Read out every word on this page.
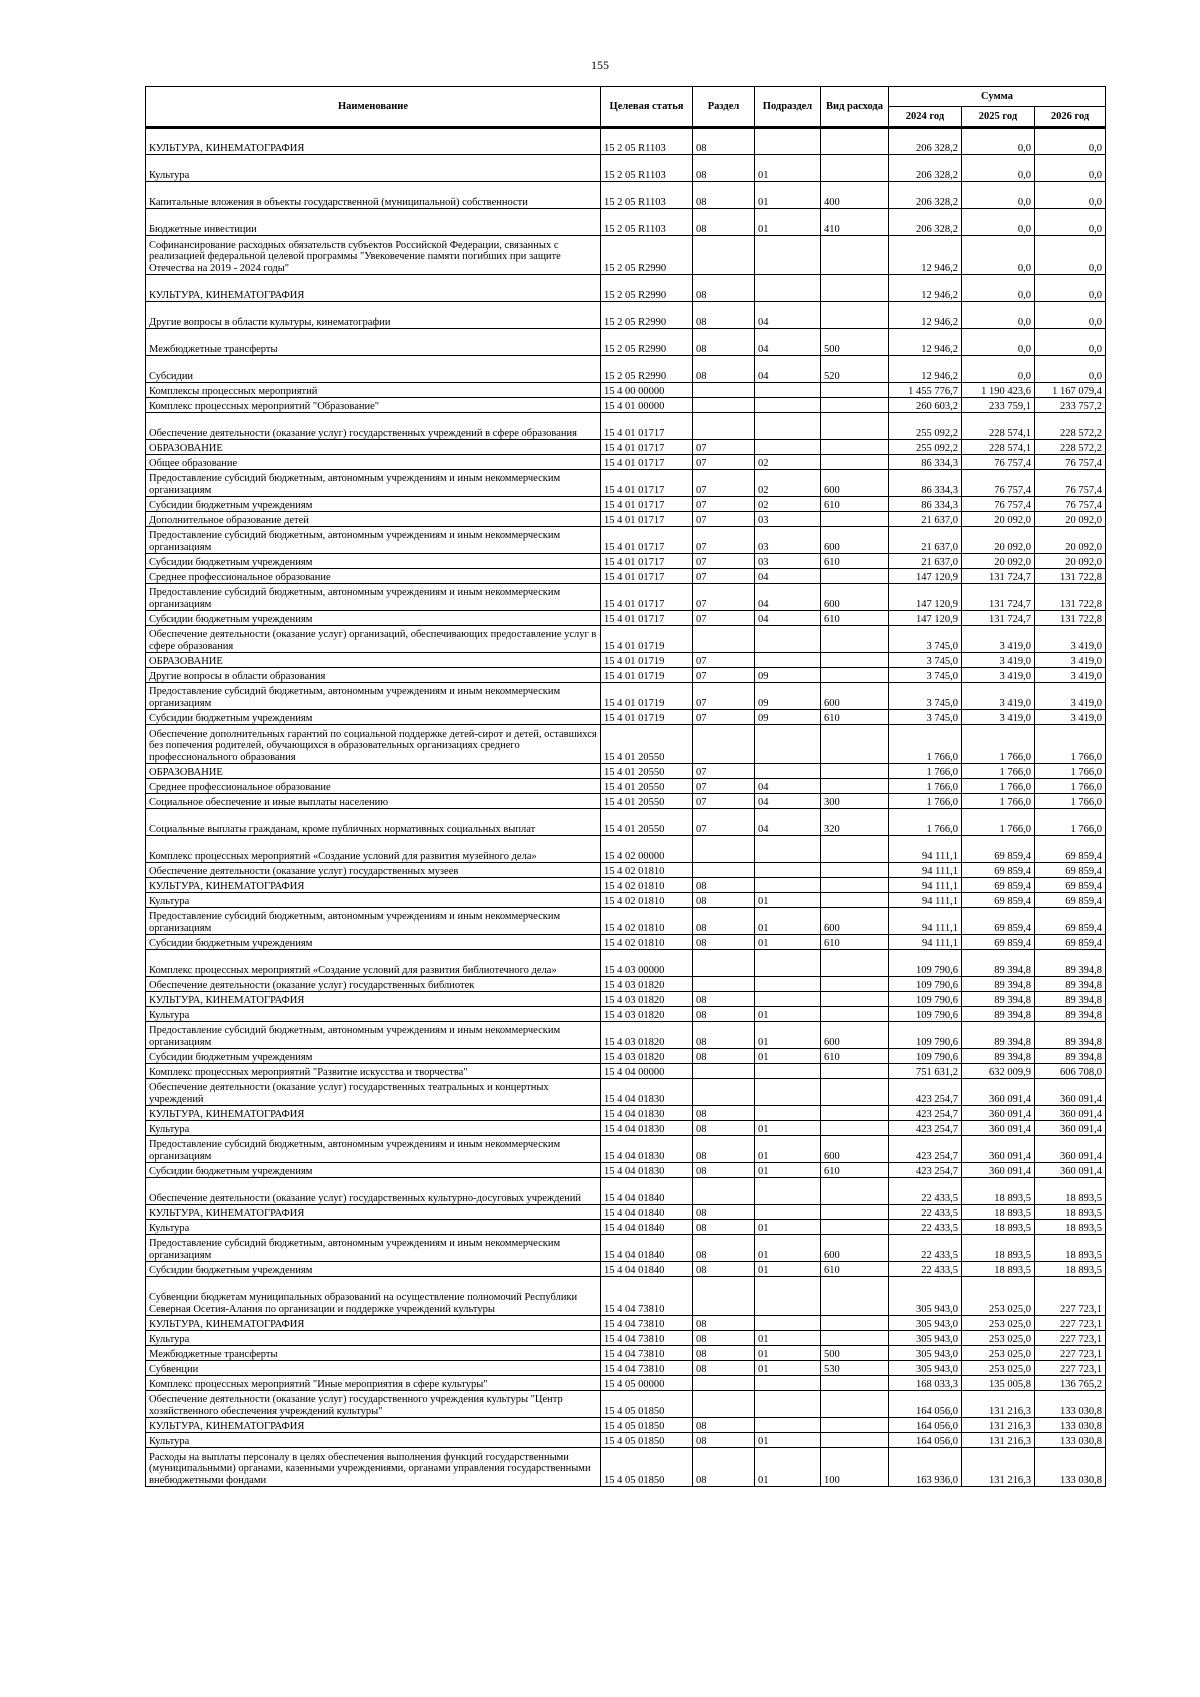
155
Наименование	Целевая статья	Раздел	Подраздел	Вид расхода	Сумма		
					2024 год	2025 год	2026 год
КУЛЬТУРА, КИНЕМАТОГРАФИЯ	15 2 05 R1103	08			206 328,2	0,0	0,0
Культура	15 2 05 R1103	08	01		206 328,2	0,0	0,0
Капитальные вложения в объекты государственной (муниципальной) собственности	15 2 05 R1103	08	01	400	206 328,2	0,0	0,0
Бюджетные инвестиции	15 2 05 R1103	08	01	410	206 328,2	0,0	0,0
Софинансирование расходных обязательств субъектов Российской Федерации, связанных с реализацией федеральной целевой программы "Увековечение памяти погибших при защите Отечества на 2019 - 2024 годы"	15 2 05 R2990				12 946,2	0,0	0,0
КУЛЬТУРА, КИНЕМАТОГРАФИЯ	15 2 05 R2990	08			12 946,2	0,0	0,0
Другие вопросы в области культуры, кинематографии	15 2 05 R2990	08	04		12 946,2	0,0	0,0
Межбюджетные трансферты	15 2 05 R2990	08	04	500	12 946,2	0,0	0,0
Субсидии	15 2 05 R2990	08	04	520	12 946,2	0,0	0,0
Комплексы процессных мероприятий	15 4 00 00000				1 455 776,7	1 190 423,6	1 167 079,4
Комплекс процессных мероприятий "Образование"	15 4 01 00000				260 603,2	233 759,1	233 757,2
Обеспечение деятельности (оказание услуг) государственных учреждений в сфере образования	15 4 01 01717				255 092,2	228 574,1	228 572,2
ОБРАЗОВАНИЕ	15 4 01 01717	07			255 092,2	228 574,1	228 572,2
Общее образование	15 4 01 01717	07	02		86 334,3	76 757,4	76 757,4
Предоставление субсидий бюджетным, автономным учреждениям и иным некоммерческим организациям	15 4 01 01717	07	02	600	86 334,3	76 757,4	76 757,4
Субсидии бюджетным учреждениям	15 4 01 01717	07	02	610	86 334,3	76 757,4	76 757,4
Дополнительное образование детей	15 4 01 01717	07	03		21 637,0	20 092,0	20 092,0
Предоставление субсидий бюджетным, автономным учреждениям и иным некоммерческим организациям	15 4 01 01717	07	03	600	21 637,0	20 092,0	20 092,0
Субсидии бюджетным учреждениям	15 4 01 01717	07	03	610	21 637,0	20 092,0	20 092,0
Среднее профессиональное образование	15 4 01 01717	07	04		147 120,9	131 724,7	131 722,8
Предоставление субсидий бюджетным, автономным учреждениям и иным некоммерческим организациям	15 4 01 01717	07	04	600	147 120,9	131 724,7	131 722,8
Субсидии бюджетным учреждениям	15 4 01 01717	07	04	610	147 120,9	131 724,7	131 722,8
Обеспечение деятельности (оказание услуг) организаций, обеспечивающих предоставление услуг в сфере образования	15 4 01 01719				3 745,0	3 419,0	3 419,0
ОБРАЗОВАНИЕ	15 4 01 01719	07			3 745,0	3 419,0	3 419,0
Другие вопросы в области образования	15 4 01 01719	07	09		3 745,0	3 419,0	3 419,0
Предоставление субсидий бюджетным, автономным учреждениям и иным некоммерческим организациям	15 4 01 01719	07	09	600	3 745,0	3 419,0	3 419,0
Субсидии бюджетным учреждениям	15 4 01 01719	07	09	610	3 745,0	3 419,0	3 419,0
Обеспечение дополнительных гарантий по социальной поддержке детей-сирот и детей, оставшихся без попечения родителей, обучающихся в образовательных организациях среднего профессионального образования	15 4 01 20550				1 766,0	1 766,0	1 766,0
ОБРАЗОВАНИЕ	15 4 01 20550	07			1 766,0	1 766,0	1 766,0
Среднее профессиональное образование	15 4 01 20550	07	04		1 766,0	1 766,0	1 766,0
Социальное обеспечение и иные выплаты населению	15 4 01 20550	07	04	300	1 766,0	1 766,0	1 766,0
Социальные выплаты гражданам, кроме публичных нормативных социальных выплат	15 4 01 20550	07	04	320	1 766,0	1 766,0	1 766,0
Комплекс процессных мероприятий «Создание условий для развития музейного дела»	15 4 02 00000				94 111,1	69 859,4	69 859,4
Обеспечение деятельности (оказание услуг) государственных музеев	15 4 02 01810				94 111,1	69 859,4	69 859,4
КУЛЬТУРА, КИНЕМАТОГРАФИЯ	15 4 02 01810	08			94 111,1	69 859,4	69 859,4
Культура	15 4 02 01810	08	01		94 111,1	69 859,4	69 859,4
Предоставление субсидий бюджетным, автономным учреждениям и иным некоммерческим организациям	15 4 02 01810	08	01	600	94 111,1	69 859,4	69 859,4
Субсидии бюджетным учреждениям	15 4 02 01810	08	01	610	94 111,1	69 859,4	69 859,4
Комплекс процессных мероприятий «Создание условий для развития библиотечного дела»	15 4 03 00000				109 790,6	89 394,8	89 394,8
Обеспечение деятельности (оказание услуг) государственных библиотек	15 4 03 01820				109 790,6	89 394,8	89 394,8
КУЛЬТУРА, КИНЕМАТОГРАФИЯ	15 4 03 01820	08			109 790,6	89 394,8	89 394,8
Культура	15 4 03 01820	08	01		109 790,6	89 394,8	89 394,8
Предоставление субсидий бюджетным, автономным учреждениям и иным некоммерческим организациям	15 4 03 01820	08	01	600	109 790,6	89 394,8	89 394,8
Субсидии бюджетным учреждениям	15 4 03 01820	08	01	610	109 790,6	89 394,8	89 394,8
Комплекс процессных мероприятий "Развитие искусства и творчества"	15 4 04 00000				751 631,2	632 009,9	606 708,0
Обеспечение деятельности (оказание услуг) государственных театральных и концертных учреждений	15 4 04 01830				423 254,7	360 091,4	360 091,4
КУЛЬТУРА, КИНЕМАТОГРАФИЯ	15 4 04 01830	08			423 254,7	360 091,4	360 091,4
Культура	15 4 04 01830	08	01		423 254,7	360 091,4	360 091,4
Предоставление субсидий бюджетным, автономным учреждениям и иным некоммерческим организациям	15 4 04 01830	08	01	600	423 254,7	360 091,4	360 091,4
Субсидии бюджетным учреждениям	15 4 04 01830	08	01	610	423 254,7	360 091,4	360 091,4
Обеспечение деятельности (оказание услуг) государственных культурно-досуговых учреждений	15 4 04 01840				22 433,5	18 893,5	18 893,5
КУЛЬТУРА, КИНЕМАТОГРАФИЯ	15 4 04 01840	08			22 433,5	18 893,5	18 893,5
Культура	15 4 04 01840	08	01		22 433,5	18 893,5	18 893,5
Предоставление субсидий бюджетным, автономным учреждениям и иным некоммерческим организациям	15 4 04 01840	08	01	600	22 433,5	18 893,5	18 893,5
Субсидии бюджетным учреждениям	15 4 04 01840	08	01	610	22 433,5	18 893,5	18 893,5
Субвенции бюджетам муниципальных образований на осуществление полномочий Республики Северная Осетия-Алания по организации и поддержке учреждений культуры	15 4 04 73810				305 943,0	253 025,0	227 723,1
КУЛЬТУРА, КИНЕМАТОГРАФИЯ	15 4 04 73810	08			305 943,0	253 025,0	227 723,1
Культура	15 4 04 73810	08	01		305 943,0	253 025,0	227 723,1
Межбюджетные трансферты	15 4 04 73810	08	01	500	305 943,0	253 025,0	227 723,1
Субвенции	15 4 04 73810	08	01	530	305 943,0	253 025,0	227 723,1
Комплекс процессных мероприятий "Иные мероприятия в сфере культуры"	15 4 05 00000				168 033,3	135 005,8	136 765,2
Обеспечение деятельности (оказание услуг) государственного учреждения культуры "Центр хозяйственного обеспечения учреждений культуры"	15 4 05 01850				164 056,0	131 216,3	133 030,8
КУЛЬТУРА, КИНЕМАТОГРАФИЯ	15 4 05 01850	08			164 056,0	131 216,3	133 030,8
Культура	15 4 05 01850	08	01		164 056,0	131 216,3	133 030,8
Расходы на выплаты персоналу в целях обеспечения выполнения функций государственными (муниципальными) органами, казенными учреждениями, органами управления государственными внебюджетными фондами	15 4 05 01850	08	01	100	163 936,0	131 216,3	133 030,8
